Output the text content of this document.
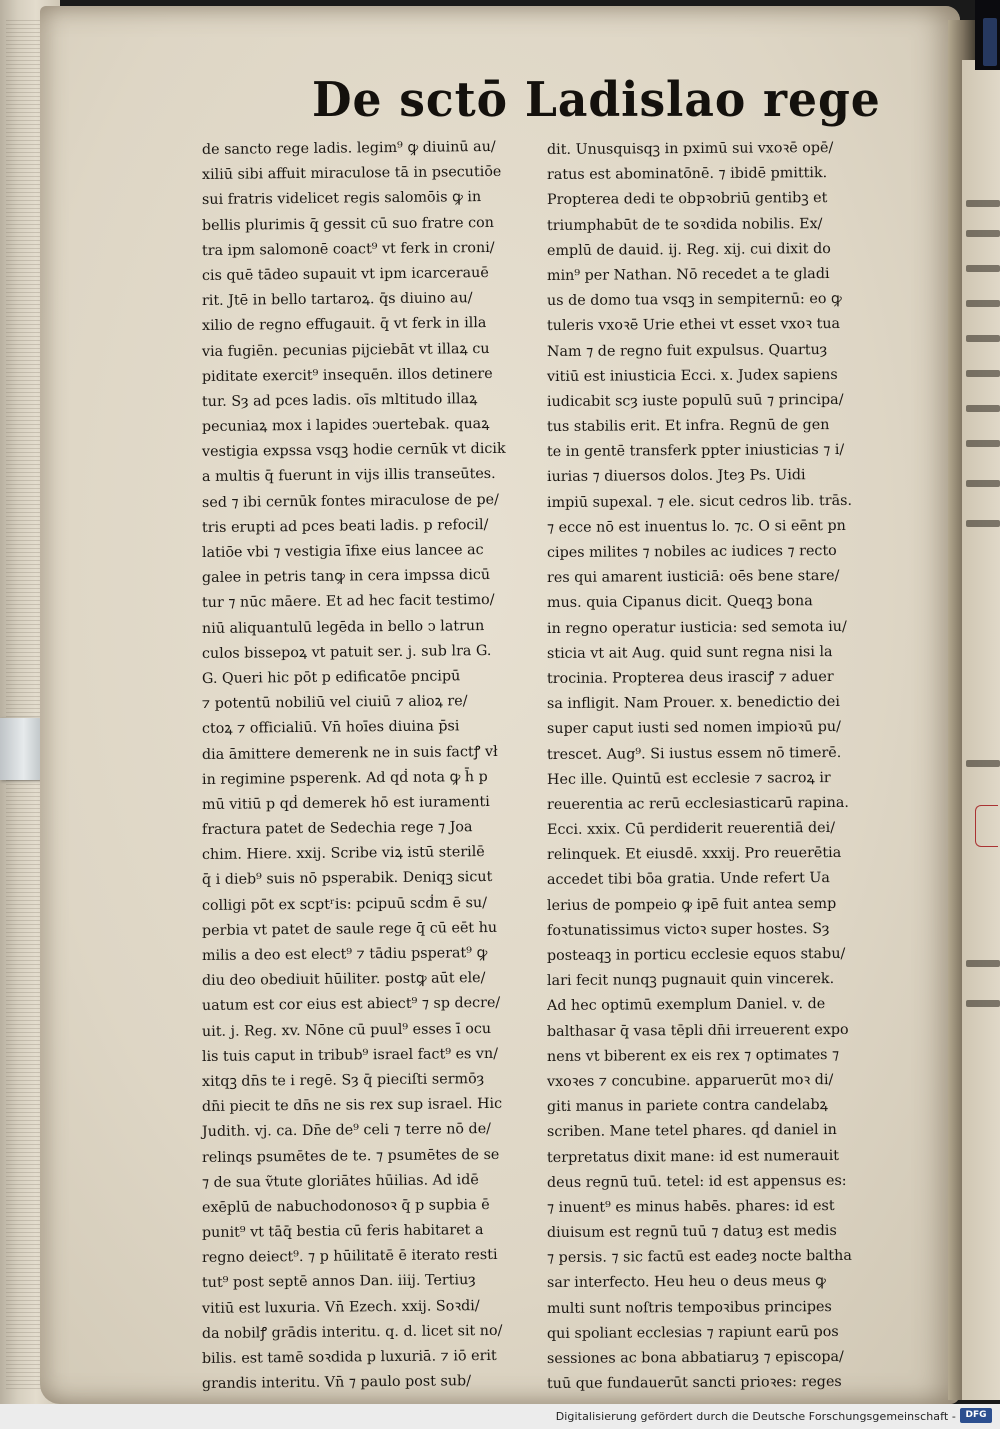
De sctō Ladislao rege
de sancto rege ladis. legim⁹ ꝙ diuinū au/
xiliū sibi affuit miraculose tā in psecutiōe
sui fratris videlicet regis salomōis ꝙ in
bellis plurimis q̄ gessit cū suo fratre con
tra ipm salomonē coact⁹ vt ferk in croni/
cis quē tādeo supauit vt ipm icarcerauē
rit. Jtē in bello tartaroꝝ. q̄s diuino au/
xilio de regno effugauit. q̄ vt ferk in illa
via fugiēn. pecunias pijciebāt vt illaꝝ cu
piditate exercit⁹ insequēn. illos detinere
tur. Sȝ ad pces ladis. oīs mltitudo illaꝝ
pecuniaꝝ mox i lapides ↄuertebak. quaꝝ
vestigia expssa vsqꝫ hodie cernūk vt dicik
a multis q̄ fuerunt in vijs illis transeūtes.
sed ⁊ ibi cernūk fontes miraculose de pe/
tris erupti ad pces beati ladis. p refocil/
latiōe vbi ⁊ vestigia īfixe eius lancee ac
galee in petris tanꝙ in cera impssa dicū
tur ⁊ nūc māere. Et ad hec facit testimo/
niū aliquantulū legēda in bello ↄ latrun
culos bissepoꝝ vt patuit ser. j. sub lra G.
G. Queri hic pōt p edificatōe pncipū
⁊ potentū nobiliū vel ciuiū ⁊ alioꝝ re/
ctoꝝ ⁊ officialiū. Vn̄ hoīes diuina p̄si
dia āmittere demerenk ne in suis factꝭ vł
in regimine psperenk. Ad qḋ nota ꝙ h̄ p
mū vitiū p qḋ demerek hō est iuramenti
fractura patet de Sedechia rege ⁊ Joa
chim. Hiere. xxij. Scribe viꝝ istū sterilē
q̄ i dieb⁹ suis nō psperabik. Deniqꝫ sicut
colligi pōt ex scptʳis: pcipuū scḋm ē su/
perbia vt patet de saule rege q̄ cū eēt hu
milis a deo est elect⁹ ⁊ tādiu psperat⁹ ꝙ
diu deo obediuit hūiliter. postꝙ aūt ele/
uatum est cor eius est abiect⁹ ⁊ sp decre/
uit. j. Reg. xv. Nōne cū puul⁹ esses ī ocu
lis tuis caput in tribub⁹ israel fact⁹ es vn/
xitqꝫ dn̄s te i regē. Sȝ q̄ pieciſti sermōȝ
dn̄i piecit te dn̄s ne sis rex sup israel. Hic
Judith. vj. ca. Dn̄e de⁹ celi ⁊ terre nō de/
relinqs psumētes de te. ⁊ psumētes de se
⁊ de sua ṽtute gloriātes hūilias. Ad idē
exēplū de nabuchodonosoꝛ q̄ p supbia ē
punit⁹ vt tāq̄ bestia cū feris habitaret a
regno deiect⁹. ⁊ p hūilitatē ē iterato resti
tut⁹ post septē annos Dan. iiij. Tertiuȝ
vitiū est luxuria. Vn̄ Ezech. xxij. Soꝛdi/
da nobilꝭ grādis interitu. q. d. licet sit no/
bilis. est tamē soꝛdida p luxuriā. ⁊ iō erit
grandis interitu. Vn̄ ⁊ paulo post sub/
dit. Unusquisqꝫ in pximū sui vxoꝛē opē/
ratus est abominatōnē. ⁊ ibidē pmittik.
Propterea dedi te obpꝛobriū gentibꝫ et
triumphabūt de te soꝛdida nobilis. Ex/
emplū de dauid. ij. Reg. xij. cui dixit do
min⁹ per Nathan. Nō recedet a te gladi
us de domo tua vsqꝫ in sempiternū: eo ꝙ
tuleris vxoꝛē Urie ethei vt esset vxoꝛ tua
Nam ⁊ de regno fuit expulsus. Quartuȝ
vitiū est iniusticia Ecci. x. Judex sapiens
iudicabit scȝ iuste populū suū ⁊ principa/
tus stabilis erit. Et infra. Regnū de gen
te in gentē transferk ppter iniusticias ⁊ i/
iurias ⁊ diuersos dolos. Jteȝ Ps. Uidi
impiū supexal. ⁊ ele. sicut cedros lib. trās.
⁊ ecce nō est inuentus lo. ⁊c. O si eēnt pn
cipes milites ⁊ nobiles ac iudices ⁊ recto
res qui amarent iusticiā: oēs bene stare/
mus. quia Cipanus dicit. Queqꝫ bona
in regno operatur iusticia: sed semota iu/
sticia vt ait Aug. quid sunt regna nisi la
trocinia. Propterea deus irasciꝭ ⁊ aduer
sa infligit. Nam Prouer. x. benedictio dei
super caput iusti sed nomen impioꝛū pu/
trescet. Aug⁹. Si iustus essem nō timerē.
Hec ille. Quintū est ecclesie ⁊ sacroꝝ ir
reuerentia ac rerū ecclesiasticarū rapina.
Ecci. xxix. Cū perdiderit reuerentiā dei/
relinquek. Et eiusdē. xxxij. Pro reuerētia
accedet tibi bōa gratia. Unde refert Ua
lerius de pompeio ꝙ ipē fuit antea semp
foꝛtunatissimus victoꝛ super hostes. Sȝ
posteaqꝫ in porticu ecclesie equos stabu/
lari fecit nunqꝫ pugnauit quin vincerek.
Ad hec optimū exemplum Daniel. v. de
balthasar q̄ vasa tēpli dn̄i irreuerent expo
nens vt biberent ex eis rex ⁊ optimates ⁊
vxoꝛes ⁊ concubine. apparuerūt moꝛ di/
giti manus in pariete contra candelabꝝ
scriben. Mane tetel phares. qḋ daniel in
terpretatus dixit mane: id est numerauit
deus regnū tuū. tetel: id est appensus es:
⁊ inuent⁹ es minus habēs. phares: id est
diuisum est regnū tuū ⁊ datuȝ est medis
⁊ persis. ⁊ sic factū est eadeȝ nocte baltha
sar interfecto. Heu heu o deus meus ꝙ
multi sunt noſtris tempoꝛibus principes
qui spoliant ecclesias ⁊ rapiunt earū pos
sessiones ac bona abbatiaruȝ ⁊ episcopa/
tuū que fundauerūt sancti prioꝛes: reges
Digitalisierung gefördert durch die Deutsche Forschungsgemeinschaft -	DFG
